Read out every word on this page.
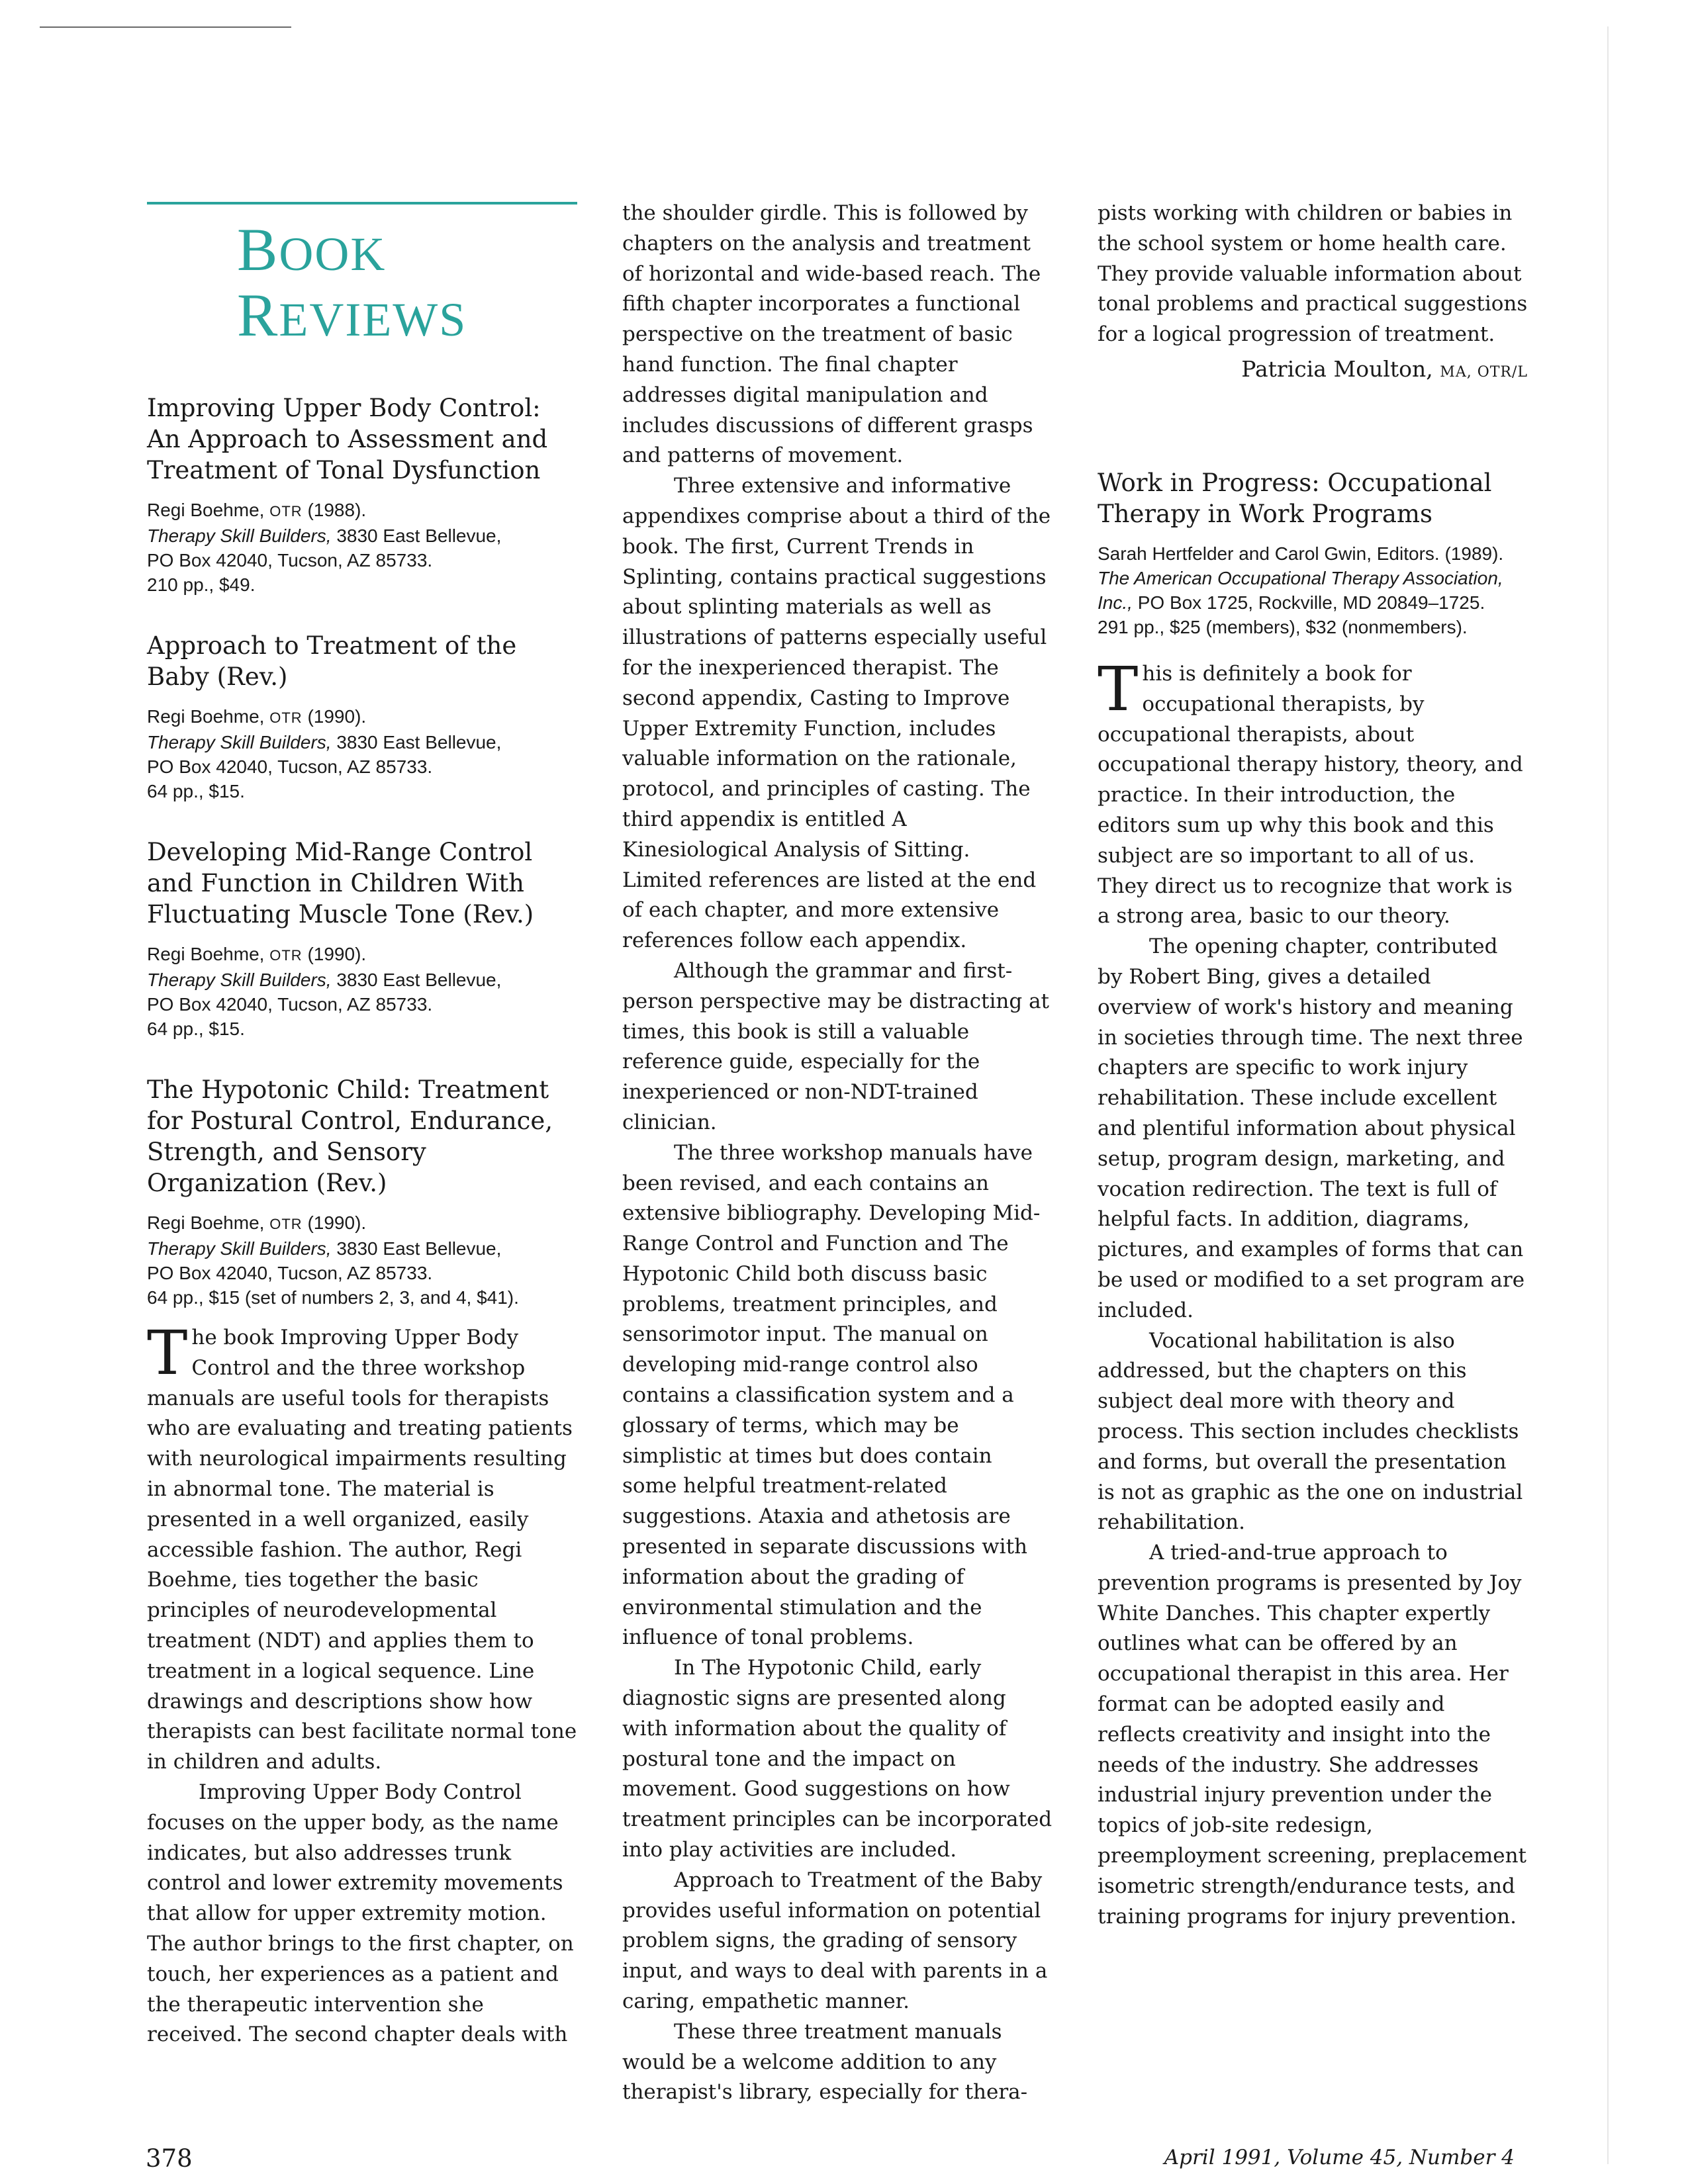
BOOK
REVIEWS
Improving Upper Body Control: An Approach to Assessment and Treatment of Tonal Dysfunction
Regi Boehme, OTR (1988).
Therapy Skill Builders, 3830 East Bellevue,
PO Box 42040, Tucson, AZ 85733.
210 pp., $49.
Approach to Treatment of the Baby (Rev.)
Regi Boehme, OTR (1990).
Therapy Skill Builders, 3830 East Bellevue,
PO Box 42040, Tucson, AZ 85733.
64 pp., $15.
Developing Mid-Range Control and Function in Children With Fluctuating Muscle Tone (Rev.)
Regi Boehme, OTR (1990).
Therapy Skill Builders, 3830 East Bellevue,
PO Box 42040, Tucson, AZ 85733.
64 pp., $15.
The Hypotonic Child: Treatment for Postural Control, Endurance, Strength, and Sensory Organization (Rev.)
Regi Boehme, OTR (1990).
Therapy Skill Builders, 3830 East Bellevue,
PO Box 42040, Tucson, AZ 85733.
64 pp., $15 (set of numbers 2, 3, and 4, $41).

The book Improving Upper Body Control and the three workshop manuals are useful tools for therapists who are evaluating and treating patients with neurological impairments resulting in abnormal tone. The material is presented in a well organized, easily accessible fashion. The author, Regi Boehme, ties together the basic principles of neurodevelopmental treatment (NDT) and applies them to treatment in a logical sequence. Line drawings and descriptions show how therapists can best facilitate normal tone in children and adults.

Improving Upper Body Control focuses on the upper body, as the name indicates, but also addresses trunk control and lower extremity movements that allow for upper extremity motion. The author brings to the first chapter, on touch, her experiences as a patient and the therapeutic intervention she received. The second chapter deals with

the shoulder girdle. This is followed by chapters on the analysis and treatment of horizontal and wide-based reach. The fifth chapter incorporates a functional perspective on the treatment of basic hand function. The final chapter addresses digital manipulation and includes discussions of different grasps and patterns of movement.

Three extensive and informative appendixes comprise about a third of the book. The first, Current Trends in Splinting, contains practical suggestions about splinting materials as well as illustrations of patterns especially useful for the inexperienced therapist. The second appendix, Casting to Improve Upper Extremity Function, includes valuable information on the rationale, protocol, and principles of casting. The third appendix is entitled A Kinesiological Analysis of Sitting. Limited references are listed at the end of each chapter, and more extensive references follow each appendix.

Although the grammar and first-person perspective may be distracting at times, this book is still a valuable reference guide, especially for the inexperienced or non-NDT-trained clinician.

The three workshop manuals have been revised, and each contains an extensive bibliography. Developing Mid-Range Control and Function and The Hypotonic Child both discuss basic problems, treatment principles, and sensorimotor input. The manual on developing mid-range control also contains a classification system and a glossary of terms, which may be simplistic at times but does contain some helpful treatment-related suggestions. Ataxia and athetosis are presented in separate discussions with information about the grading of environmental stimulation and the influence of tonal problems.

In The Hypotonic Child, early diagnostic signs are presented along with information about the quality of postural tone and the impact on movement. Good suggestions on how treatment principles can be incorporated into play activities are included.

Approach to Treatment of the Baby provides useful information on potential problem signs, the grading of sensory input, and ways to deal with parents in a caring, empathetic manner.

These three treatment manuals would be a welcome addition to any therapist's library, especially for thera-

pists working with children or babies in the school system or home health care. They provide valuable information about tonal problems and practical suggestions for a logical progression of treatment.

Patricia Moulton, MA, OTR/L
Work in Progress: Occupational Therapy in Work Programs
Sarah Hertfelder and Carol Gwin, Editors. (1989).
The American Occupational Therapy Association, Inc., PO Box 1725, Rockville, MD 20849–1725.
291 pp., $25 (members), $32 (nonmembers).

This is definitely a book for occupational therapists, by occupational therapists, about occupational therapy history, theory, and practice. In their introduction, the editors sum up why this book and this subject are so important to all of us. They direct us to recognize that work is a strong area, basic to our theory.

The opening chapter, contributed by Robert Bing, gives a detailed overview of work's history and meaning in societies through time. The next three chapters are specific to work injury rehabilitation. These include excellent and plentiful information about physical setup, program design, marketing, and vocation redirection. The text is full of helpful facts. In addition, diagrams, pictures, and examples of forms that can be used or modified to a set program are included.

Vocational habilitation is also addressed, but the chapters on this subject deal more with theory and process. This section includes checklists and forms, but overall the presentation is not as graphic as the one on industrial rehabilitation.

A tried-and-true approach to prevention programs is presented by Joy White Danches. This chapter expertly outlines what can be offered by an occupational therapist in this area. Her format can be adopted easily and reflects creativity and insight into the needs of the industry. She addresses industrial injury prevention under the topics of job-site redesign, preemployment screening, preplacement isometric strength/endurance tests, and training programs for injury prevention.

378	April 1991, Volume 45, Number 4
